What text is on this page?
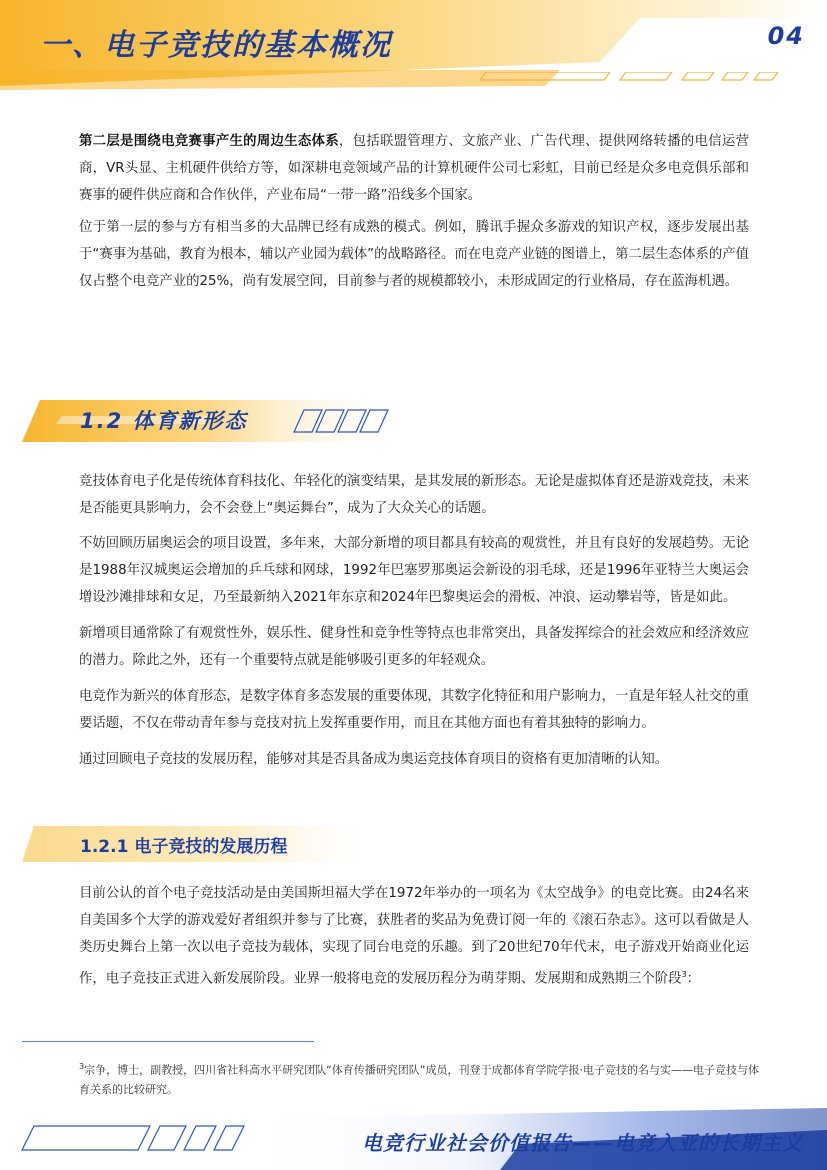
一、电子竞技的基本概况	04

第二层是围绕电竞赛事产生的周边生态体系，包括联盟管理方、文旅产业、广告代理、提供网络转播的电信运营商，VR头显、主机硬件供给方等，如深耕电竞领域产品的计算机硬件公司七彩虹，目前已经是众多电竞俱乐部和赛事的硬件供应商和合作伙伴，产业布局“一带一路”沿线多个国家。

位于第一层的参与方有相当多的大品牌已经有成熟的模式。例如，腾讯手握众多游戏的知识产权，逐步发展出基于“赛事为基础，教育为根本，辅以产业园为载体”的战略路径。而在电竞产业链的图谱上，第二层生态体系的产值仅占整个电竞产业的25%，尚有发展空间，目前参与者的规模都较小，未形成固定的行业格局，存在蓝海机遇。

1.2 体育新形态

竞技体育电子化是传统体育科技化、年轻化的演变结果，是其发展的新形态。无论是虚拟体育还是游戏竞技，未来是否能更具影响力，会不会登上“奥运舞台”，成为了大众关心的话题。

不妨回顾历届奥运会的项目设置，多年来，大部分新增的项目都具有较高的观赏性，并且有良好的发展趋势。无论是1988年汉城奥运会增加的乒乓球和网球，1992年巴塞罗那奥运会新设的羽毛球，还是1996年亚特兰大奥运会增设沙滩排球和女足，乃至最新纳入2021年东京和2024年巴黎奥运会的滑板、冲浪、运动攀岩等，皆是如此。

新增项目通常除了有观赏性外，娱乐性、健身性和竞争性等特点也非常突出，具备发挥综合的社会效应和经济效应的潜力。除此之外，还有一个重要特点就是能够吸引更多的年轻观众。

电竞作为新兴的体育形态，是数字体育多态发展的重要体现，其数字化特征和用户影响力，一直是年轻人社交的重要话题，不仅在带动青年参与竞技对抗上发挥重要作用，而且在其他方面也有着其独特的影响力。

通过回顾电子竞技的发展历程，能够对其是否具备成为奥运竞技体育项目的资格有更加清晰的认知。

1.2.1 电子竞技的发展历程

目前公认的首个电子竞技活动是由美国斯坦福大学在1972年举办的一项名为《太空战争》的电竞比赛。由24名来自美国多个大学的游戏爱好者组织并参与了比赛，获胜者的奖品为免费订阅一年的《滚石杂志》。这可以看做是人类历史舞台上第一次以电子竞技为载体，实现了同台电竞的乐趣。到了20世纪70年代末，电子游戏开始商业化运作，电子竞技正式进入新发展阶段。业界一般将电竞的发展历程分为萌芽期、发展期和成熟期三个阶段$^3$：

$^3$宗争，博士，副教授，四川省社科高水平研究团队“体育传播研究团队”成员，刊登于成都体育学院学报·电子竞技的名与实——电子竞技与体育关系的比较研究。

电竞行业社会价值报告——电竞入亚的长期主义
